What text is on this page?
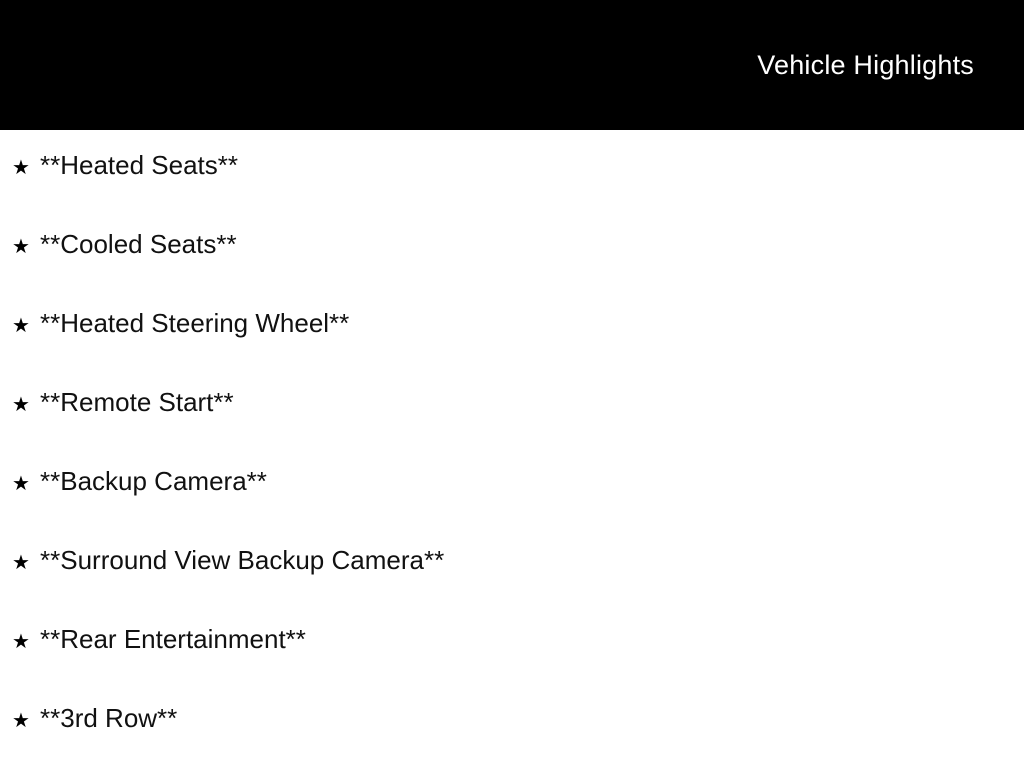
Vehicle Highlights
★ **Heated Seats**
★ **Cooled Seats**
★ **Heated Steering Wheel**
★ **Remote Start**
★ **Backup Camera**
★ **Surround View Backup Camera**
★ **Rear Entertainment**
★ **3rd Row**
